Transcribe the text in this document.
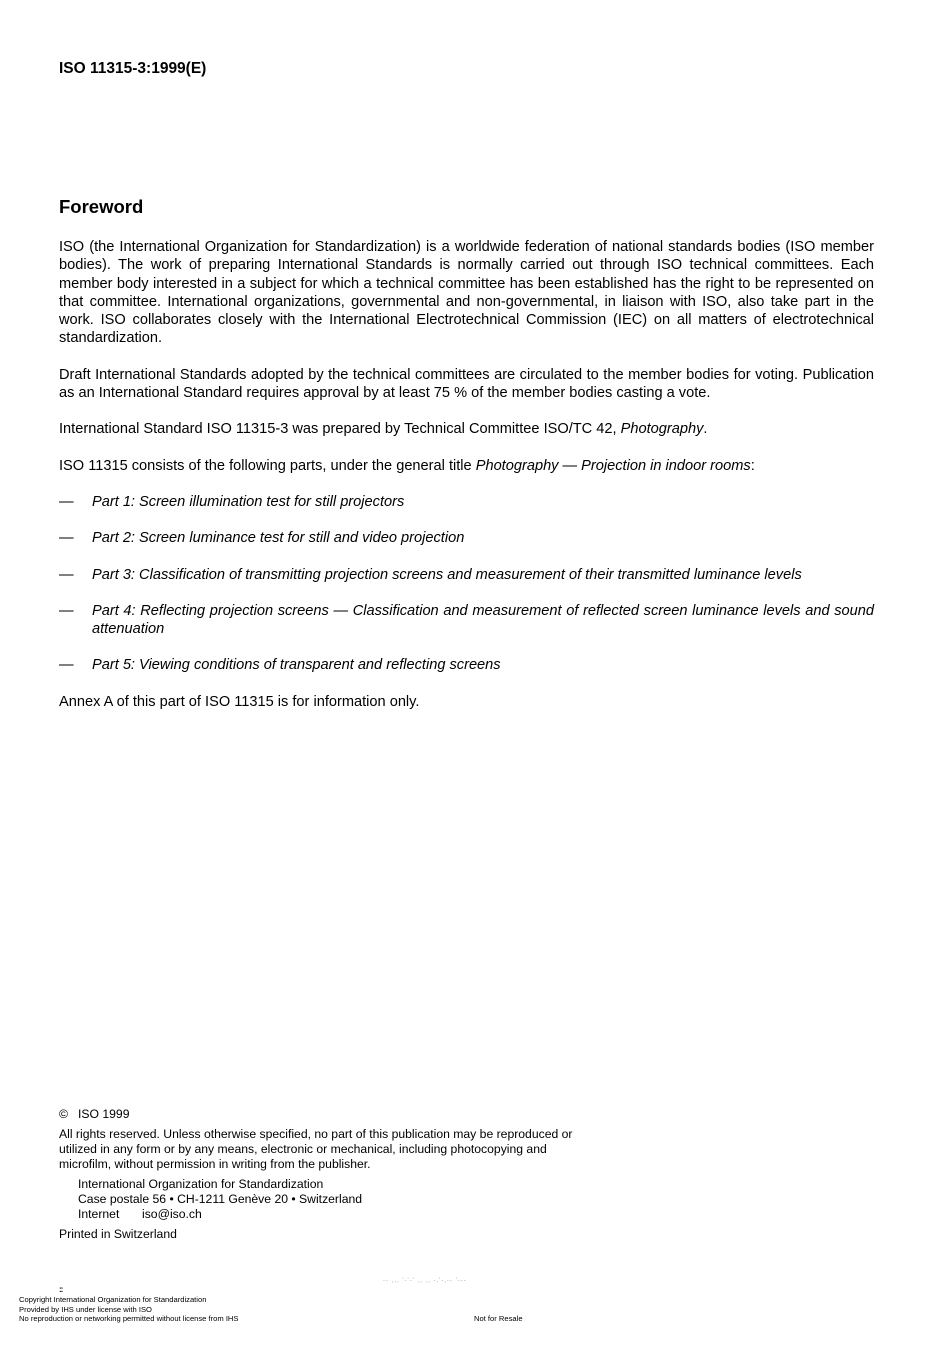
ISO 11315-3:1999(E)
Foreword

ISO (the International Organization for Standardization) is a worldwide federation of national standards bodies (ISO member bodies). The work of preparing International Standards is normally carried out through ISO technical committees. Each member body interested in a subject for which a technical committee has been established has the right to be represented on that committee. International organizations, governmental and non-governmental, in liaison with ISO, also take part in the work. ISO collaborates closely with the International Electrotechnical Commission (IEC) on all matters of electrotechnical standardization.

Draft International Standards adopted by the technical committees are circulated to the member bodies for voting. Publication as an International Standard requires approval by at least 75 % of the member bodies casting a vote.

International Standard ISO 11315-3 was prepared by Technical Committee ISO/TC 42, Photography.

ISO 11315 consists of the following parts, under the general title Photography — Projection in indoor rooms:

— Part 1: Screen illumination test for still projectors
— Part 2: Screen luminance test for still and video projection
— Part 3: Classification of transmitting projection screens and measurement of their transmitted luminance levels
— Part 4: Reflecting projection screens — Classification and measurement of reflected screen luminance levels and sound attenuation
— Part 5: Viewing conditions of transparent and reflecting screens

Annex A of this part of ISO 11315 is for information only.

© ISO 1999

All rights reserved. Unless otherwise specified, no part of this publication may be reproduced or utilized in any form or by any means, electronic or mechanical, including photocopying and microfilm, without permission in writing from the publisher.

International Organization for Standardization
Case postale 56 • CH-1211 Genève 20 • Switzerland
Internet iso@iso.ch

Printed in Switzerland

-- ,,, '-'-' ,, ,, -,'-,-- '---
::
Copyright International Organization for Standardization
Provided by IHS under license with ISO
No reproduction or networking permitted without license from IHS	Not for Resale
